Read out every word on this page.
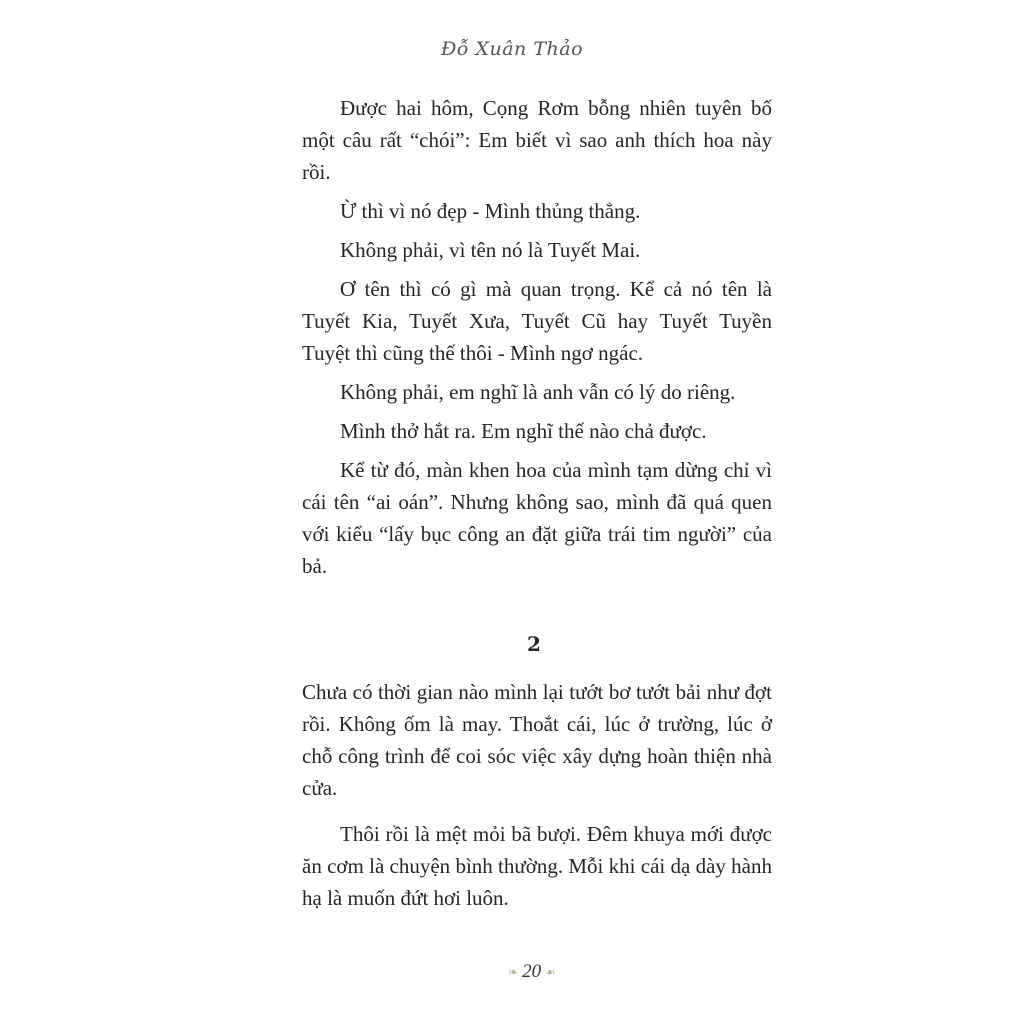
Đỗ Xuân Thảo

Được hai hôm, Cọng Rơm bỗng nhiên tuyên bố một câu rất “chói”: Em biết vì sao anh thích hoa này rồi.

Ừ thì vì nó đẹp - Mình thủng thẳng.

Không phải, vì tên nó là Tuyết Mai.

Ơ tên thì có gì mà quan trọng. Kể cả nó tên là Tuyết Kia, Tuyết Xưa, Tuyết Cũ hay Tuyết Tuyền Tuyệt thì cũng thế thôi - Mình ngơ ngác.

Không phải, em nghĩ là anh vẫn có lý do riêng.

Mình thở hắt ra. Em nghĩ thế nào chả được.

Kể từ đó, màn khen hoa của mình tạm dừng chỉ vì cái tên “ai oán”. Nhưng không sao, mình đã quá quen với kiểu “lấy bục công an đặt giữa trái tim người” của bả.

2

Chưa có thời gian nào mình lại tướt bơ tướt bải như đợt rồi. Không ốm là may. Thoắt cái, lúc ở trường, lúc ở chỗ công trình để coi sóc việc xây dựng hoàn thiện nhà cửa.

Thôi rồi là mệt mỏi bã bượi. Đêm khuya mới được ăn cơm là chuyện bình thường. Mỗi khi cái dạ dày hành hạ là muốn đứt hơi luôn.

❧ 20 ☙
